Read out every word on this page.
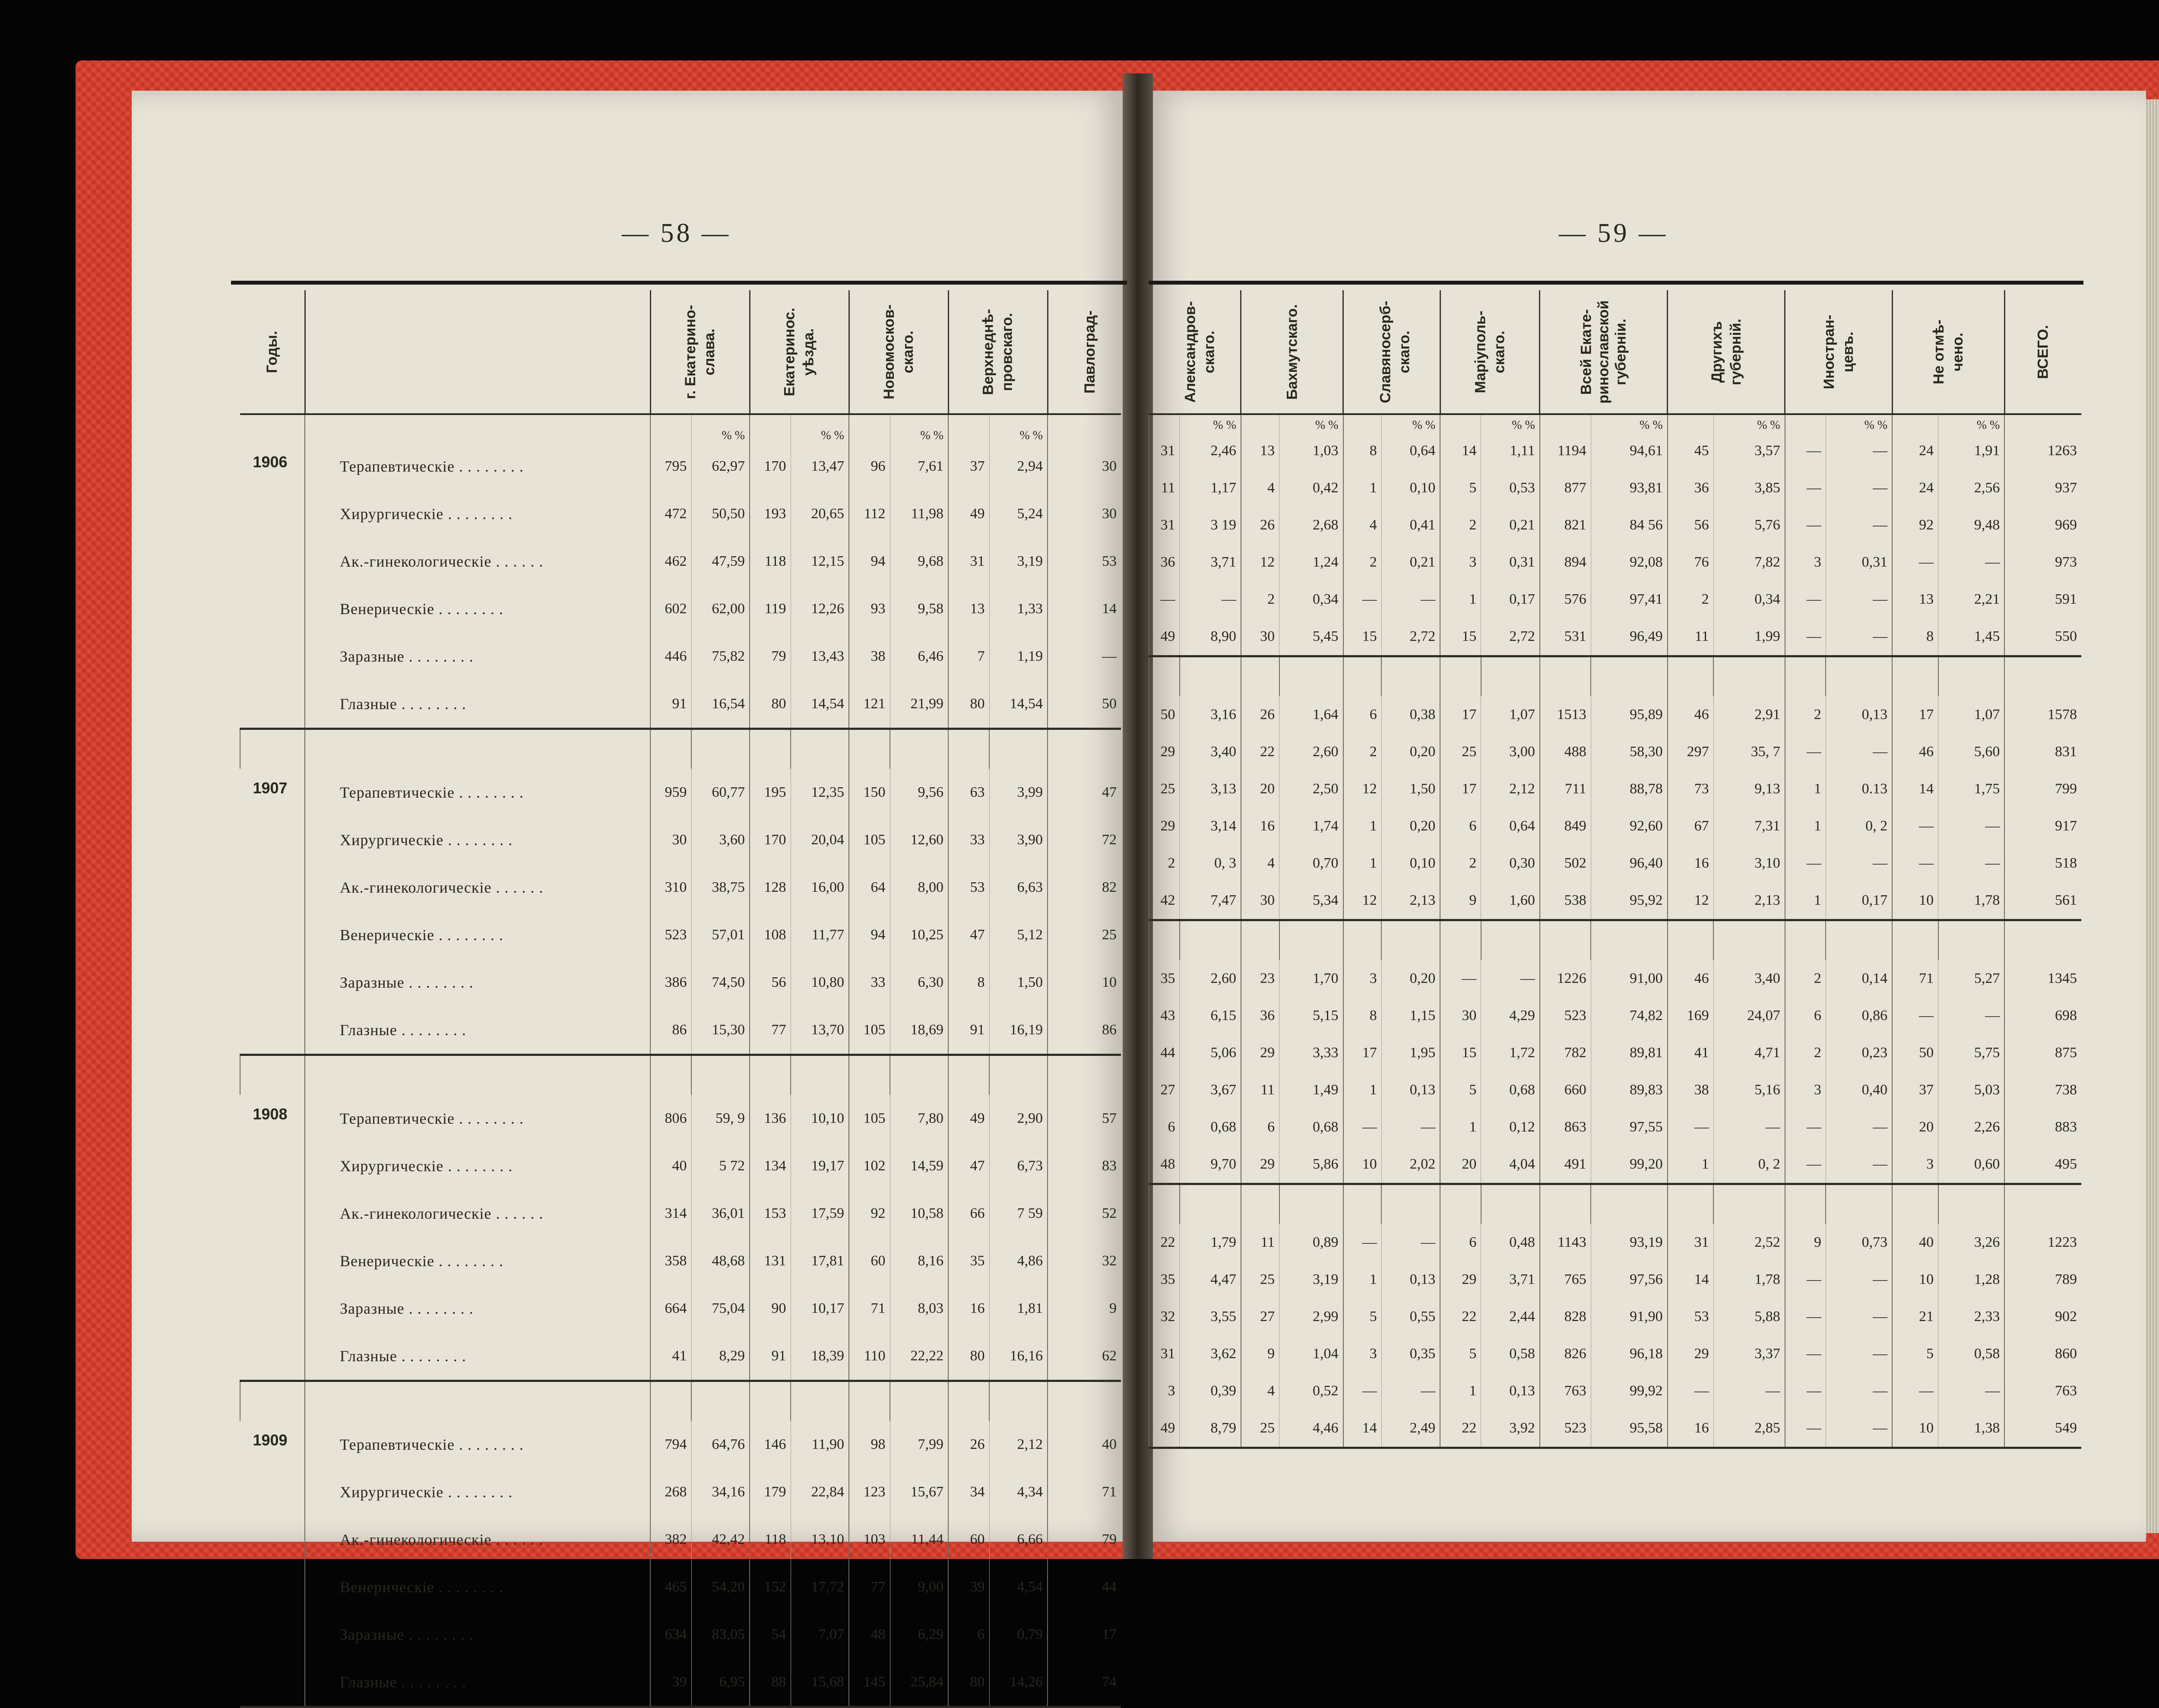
— 58 —	— 59 —
Годы.		г. Екатерино-
слава.		Екатеринос.
уѣзда.		Новомосков-
скаго.		Верхнеднѣ-
провскаго.		Павлоград-
			% %		% %		% %		% %	
1906	Терапевтическiе . . . . . . . .	795	62,97	170	13,47	96	7,61	37	2,94	30
	Хирургическiе . . . . . . . .	472	50,50	193	20,65	112	11,98	49	5,24	30
	Ак.-гинекологическiе . . . . . .	462	47,59	118	12,15	94	9,68	31	3,19	53
	Венерическiе . . . . . . . .	602	62,00	119	12,26	93	9,58	13	1,33	14
	Заразные . . . . . . . .	446	75,82	79	13,43	38	6,46	7	1,19	—
	Глазные . . . . . . . .	91	16,54	80	14,54	121	21,99	80	14,54	50

1907	Терапевтическiе . . . . . . . .	959	60,77	195	12,35	150	9,56	63	3,99	47
	Хирургическiе . . . . . . . .	30	3,60	170	20,04	105	12,60	33	3,90	72
	Ак.-гинекологическiе . . . . . .	310	38,75	128	16,00	64	8,00	53	6,63	82
	Венерическiе . . . . . . . .	523	57,01	108	11,77	94	10,25	47	5,12	25
	Заразные . . . . . . . .	386	74,50	56	10,80	33	6,30	8	1,50	10
	Глазные . . . . . . . .	86	15,30	77	13,70	105	18,69	91	16,19	86

1908	Терапевтическiе . . . . . . . .	806	59, 9	136	10,10	105	7,80	49	2,90	57
	Хирургическiе . . . . . . . .	40	5 72	134	19,17	102	14,59	47	6,73	83
	Ак.-гинекологическiе . . . . . .	314	36,01	153	17,59	92	10,58	66	7 59	52
	Венерическiе . . . . . . . .	358	48,68	131	17,81	60	8,16	35	4,86	32
	Заразные . . . . . . . .	664	75,04	90	10,17	71	8,03	16	1,81	9
	Глазные . . . . . . . .	41	8,29	91	18,39	110	22,22	80	16,16	62

1909	Терапевтическiе . . . . . . . .	794	64,76	146	11,90	98	7,99	26	2,12	40
	Хирургическiе . . . . . . . .	268	34,16	179	22,84	123	15,67	34	4,34	71
	Ак.-гинекологическiе . . . . . .	382	42,42	118	13,10	103	11,44	60	6,66	79
	Венерическiе . . . . . . . .	465	54,20	152	17,72	77	9,00	39	4,54	44
	Заразные . . . . . . . .	634	83,05	54	7,07	48	6,29	6	0,79	17
	Глазные . . . . . . . .	39	6,95	88	15,68	145	25,84	80	14,26	74
Александров-
скаго.		Бахмутскаго.		Славяносерб-
скаго.		Маріуполь-
скаго.		Всей Екате-
ринославской
губерніи.		Другихъ
губерній.		Иностран-
цевъ.		Не отмѣ-
чено.		ВСЕГО.
	% %		% %		% %		% %		% %		% %		% %		% %	
31	2,46	13	1,03	8	0,64	14	1,11	1194	94,61	45	3,57	—	—	24	1,91	1263
11	1,17	4	0,42	1	0,10	5	0,53	877	93,81	36	3,85	—	—	24	2,56	937
31	3 19	26	2,68	4	0,41	2	0,21	821	84 56	56	5,76	—	—	92	9,48	969
36	3,71	12	1,24	2	0,21	3	0,31	894	92,08	76	7,82	3	0,31	—	—	973
—	—	2	0,34	—	—	1	0,17	576	97,41	2	0,34	—	—	13	2,21	591
49	8,90	30	5,45	15	2,72	15	2,72	531	96,49	11	1,99	—	—	8	1,45	550

50	3,16	26	1,64	6	0,38	17	1,07	1513	95,89	46	2,91	2	0,13	17	1,07	1578
29	3,40	22	2,60	2	0,20	25	3,00	488	58,30	297	35, 7	—	—	46	5,60	831
25	3,13	20	2,50	12	1,50	17	2,12	711	88,78	73	9,13	1	0.13	14	1,75	799
29	3,14	16	1,74	1	0,20	6	0,64	849	92,60	67	7,31	1	0, 2	—	—	917
2	0, 3	4	0,70	1	0,10	2	0,30	502	96,40	16	3,10	—	—	—	—	518
42	7,47	30	5,34	12	2,13	9	1,60	538	95,92	12	2,13	1	0,17	10	1,78	561

35	2,60	23	1,70	3	0,20	—	—	1226	91,00	46	3,40	2	0,14	71	5,27	1345
43	6,15	36	5,15	8	1,15	30	4,29	523	74,82	169	24,07	6	0,86	—	—	698
44	5,06	29	3,33	17	1,95	15	1,72	782	89,81	41	4,71	2	0,23	50	5,75	875
27	3,67	11	1,49	1	0,13	5	0,68	660	89,83	38	5,16	3	0,40	37	5,03	738
6	0,68	6	0,68	—	—	1	0,12	863	97,55	—	—	—	—	20	2,26	883
48	9,70	29	5,86	10	2,02	20	4,04	491	99,20	1	0, 2	—	—	3	0,60	495

22	1,79	11	0,89	—	—	6	0,48	1143	93,19	31	2,52	9	0,73	40	3,26	1223
35	4,47	25	3,19	1	0,13	29	3,71	765	97,56	14	1,78	—	—	10	1,28	789
32	3,55	27	2,99	5	0,55	22	2,44	828	91,90	53	5,88	—	—	21	2,33	902
31	3,62	9	1,04	3	0,35	5	0,58	826	96,18	29	3,37	—	—	5	0,58	860
3	0,39	4	0,52	—	—	1	0,13	763	99,92	—	—	—	—	—	—	763
49	8,79	25	4,46	14	2,49	22	3,92	523	95,58	16	2,85	—	—	10	1,38	549
